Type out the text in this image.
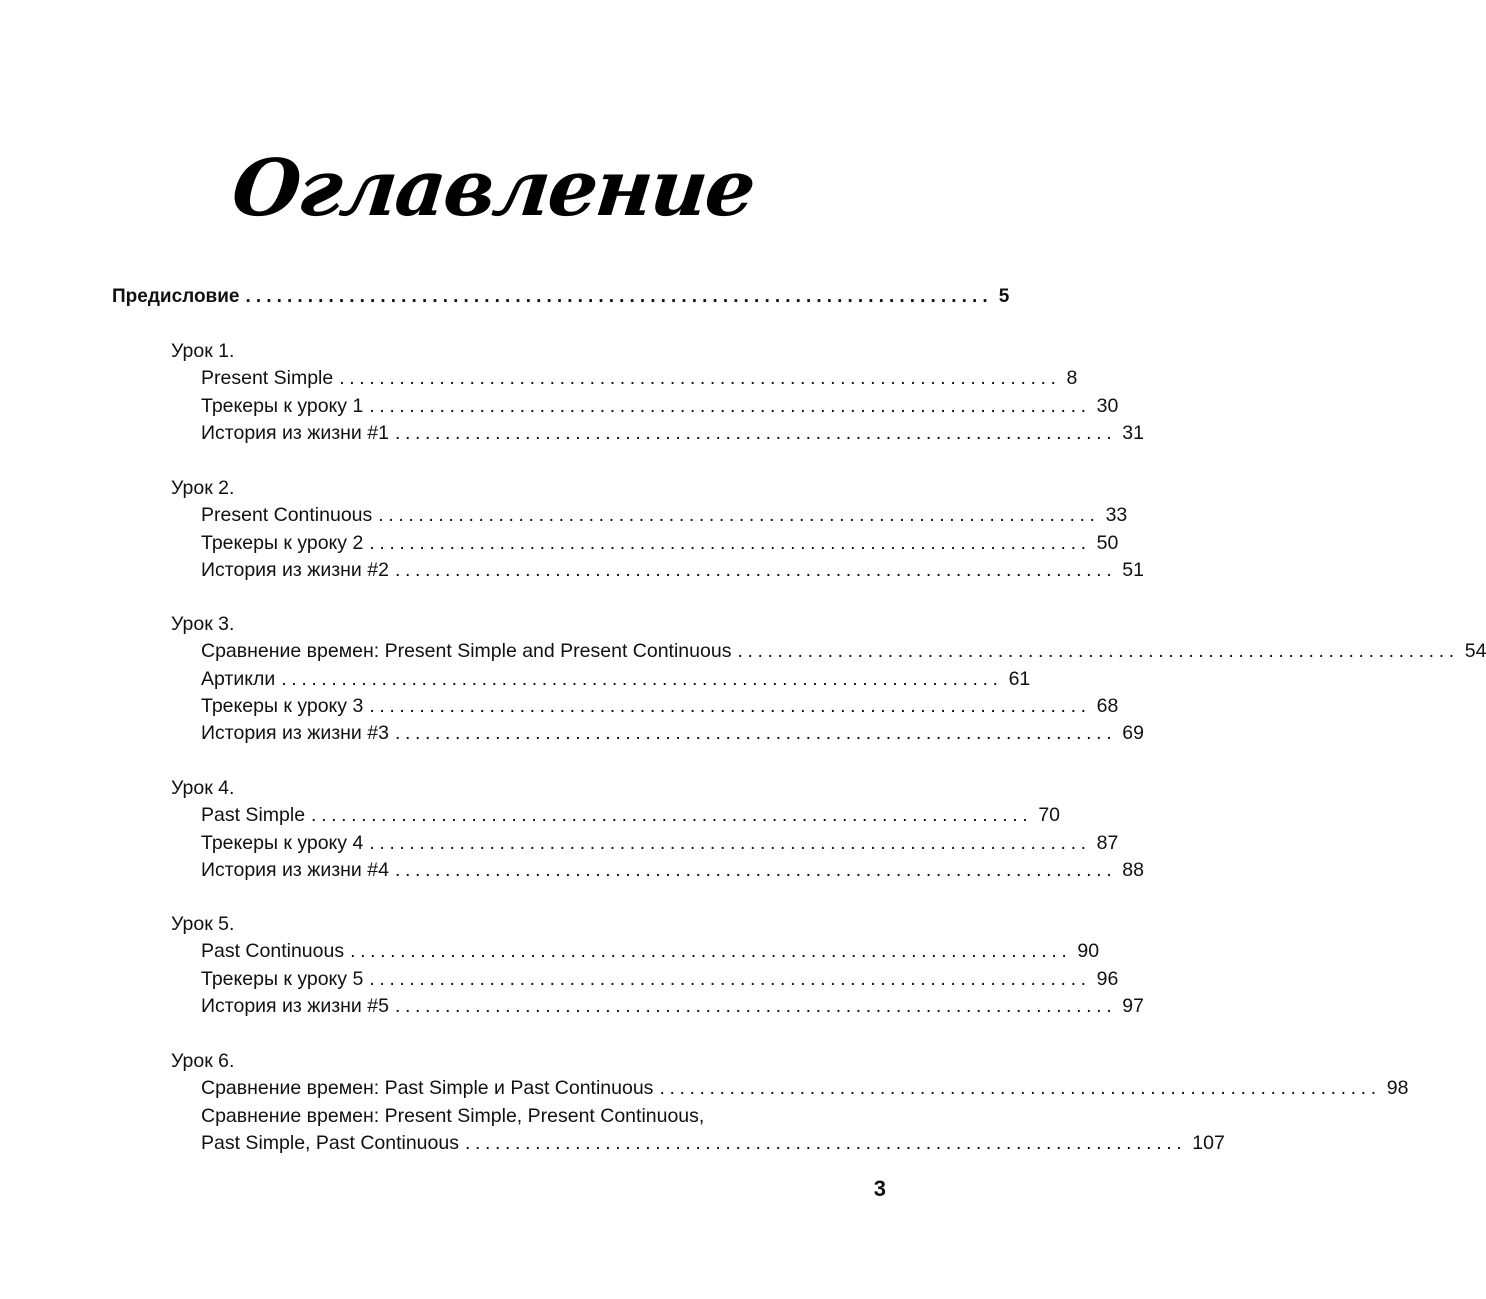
Оглавление
Предисловие ........................................................................ 5
Урок 1.
Present Simple ........................................................................ 8
Трекеры к уроку 1 ........................................................................ 30
История из жизни #1 ........................................................................ 31
Урок 2.
Present Continuous ........................................................................ 33
Трекеры к уроку 2 ........................................................................ 50
История из жизни #2 ........................................................................ 51
Урок 3.
Сравнение времен: Present Simple and Present Continuous ........................................................................ 54
Артикли ........................................................................ 61
Трекеры к уроку 3 ........................................................................ 68
История из жизни #3 ........................................................................ 69
Урок 4.
Past Simple ........................................................................ 70
Трекеры к уроку 4 ........................................................................ 87
История из жизни #4 ........................................................................ 88
Урок 5.
Past Continuous ........................................................................ 90
Трекеры к уроку 5 ........................................................................ 96
История из жизни #5 ........................................................................ 97
Урок 6.
Сравнение времен: Past Simple и Past Continuous ........................................................................ 98
Сравнение времен: Present Simple, Present Continuous,
Past Simple, Past Continuous ........................................................................ 107
3
